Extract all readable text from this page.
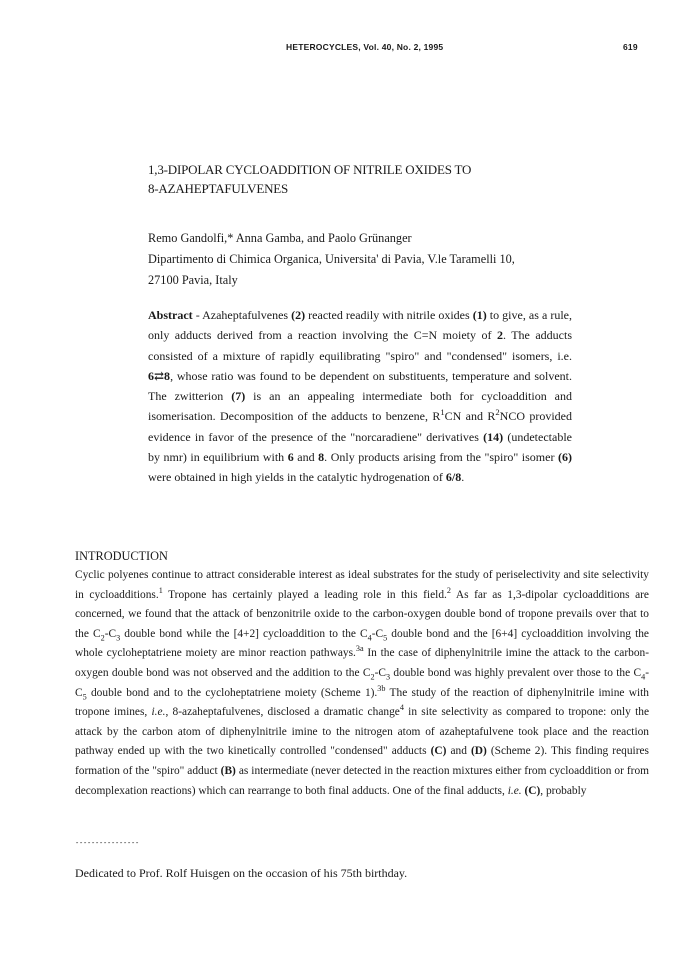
HETEROCYCLES, Vol. 40, No. 2, 1995	619
1,3-DIPOLAR CYCLOADDITION OF NITRILE OXIDES TO
8-AZAHEPTAFULVENES
Remo Gandolfi,* Anna Gamba, and Paolo Grünanger
Dipartimento di Chimica Organica, Universita' di Pavia, V.le Taramelli 10,
27100 Pavia, Italy
Abstract - Azaheptafulvenes (2) reacted readily with nitrile oxides (1) to give, as a rule, only adducts derived from a reaction involving the C=N moiety of 2. The adducts consisted of a mixture of rapidly equilibrating "spiro" and "condensed" isomers, i.e. 6⇄8, whose ratio was found to be dependent on substituents, temperature and solvent. The zwitterion (7) is an an appealing intermediate both for cycloaddition and isomerisation. Decomposition of the adducts to benzene, $R^1CN$ and $R^2NCO$ provided evidence in favor of the presence of the "norcaradiene" derivatives (14) (undetectable by nmr) in equilibrium with 6 and 8. Only products arising from the "spiro" isomer (6) were obtained in high yields in the catalytic hydrogenation of 6/8.
INTRODUCTION
Cyclic polyenes continue to attract considerable interest as ideal substrates for the study of periselectivity and site selectivity in cycloadditions.$^1$ Tropone has certainly played a leading role in this field.$^2$ As far as 1,3-dipolar cycloadditions are concerned, we found that the attack of benzonitrile oxide to the carbon-oxygen double bond of tropone prevails over that to the $C_2-C_3$ double bond while the [4+2] cycloaddition to the $C_4-C_5$ double bond and the [6+4] cycloaddition involving the whole cycloheptatriene moiety are minor reaction pathways.$^{3a}$ In the case of diphenylnitrile imine the attack to the carbon-oxygen double bond was not observed and the addition to the $C_2-C_3$ double bond was highly prevalent over those to the $C_4-C_5$ double bond and to the cycloheptatriene moiety (Scheme 1).$^{3b}$ The study of the reaction of diphenylnitrile imine with tropone imines, i.e., 8-azaheptafulvenes, disclosed a dramatic change$^4$ in site selectivity as compared to tropone: only the attack by the carbon atom of diphenylnitrile imine to the nitrogen atom of azaheptafulvene took place and the reaction pathway ended up with the two kinetically controlled "condensed" adducts (C) and (D) (Scheme 2). This finding requires formation of the "spiro" adduct (B) as intermediate (never detected in the reaction mixtures either from cycloaddition or from decomplexation reactions) which can rearrange to both final adducts. One of the final adducts, i.e. (C), probably
----------------
Dedicated to Prof. Rolf Huisgen on the occasion of his 75th birthday.
